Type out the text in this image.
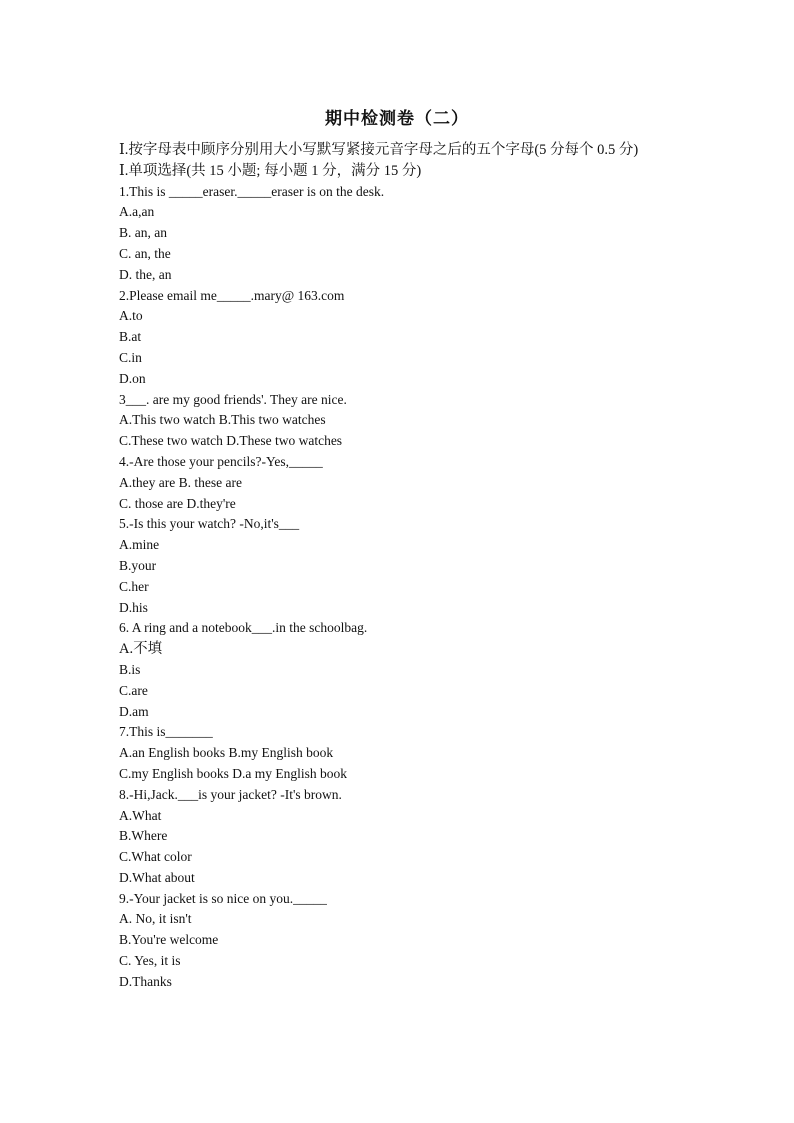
期中检测卷（二）
Ⅰ.按字母表中顾序分别用大小写默写紧接元音字母之后的五个字母(5 分每个 0.5 分)
Ⅰ.单项选择(共 15 小题; 每小题 1 分，满分 15 分)
1.This is _____eraser._____eraser is on the desk.
A.a,an
B. an, an
C. an, the
D. the, an
2.Please email me_____.mary@ 163.com
A.to
B.at
C.in
D.on
3___. are my good friends'. They are nice.
A.This two watch B.This two watches
C.These two watch D.These two watches
4.-Are those your pencils?-Yes,_____
A.they are B. these are
C. those are D.they're
5.-Is this your watch? -No,it's___
A.mine
B.your
C.her
D.his
6. A ring and a notebook___.in the schoolbag.
A.不填
B.is
C.are
D.am
7.This is_______
A.an English books B.my English book
C.my English books D.a my English book
8.-Hi,Jack.___is your jacket? -It's brown.
A.What
B.Where
C.What color
D.What about
9.-Your jacket is so nice on you._____
A. No, it isn't
B.You're welcome
C. Yes, it is
D.Thanks
